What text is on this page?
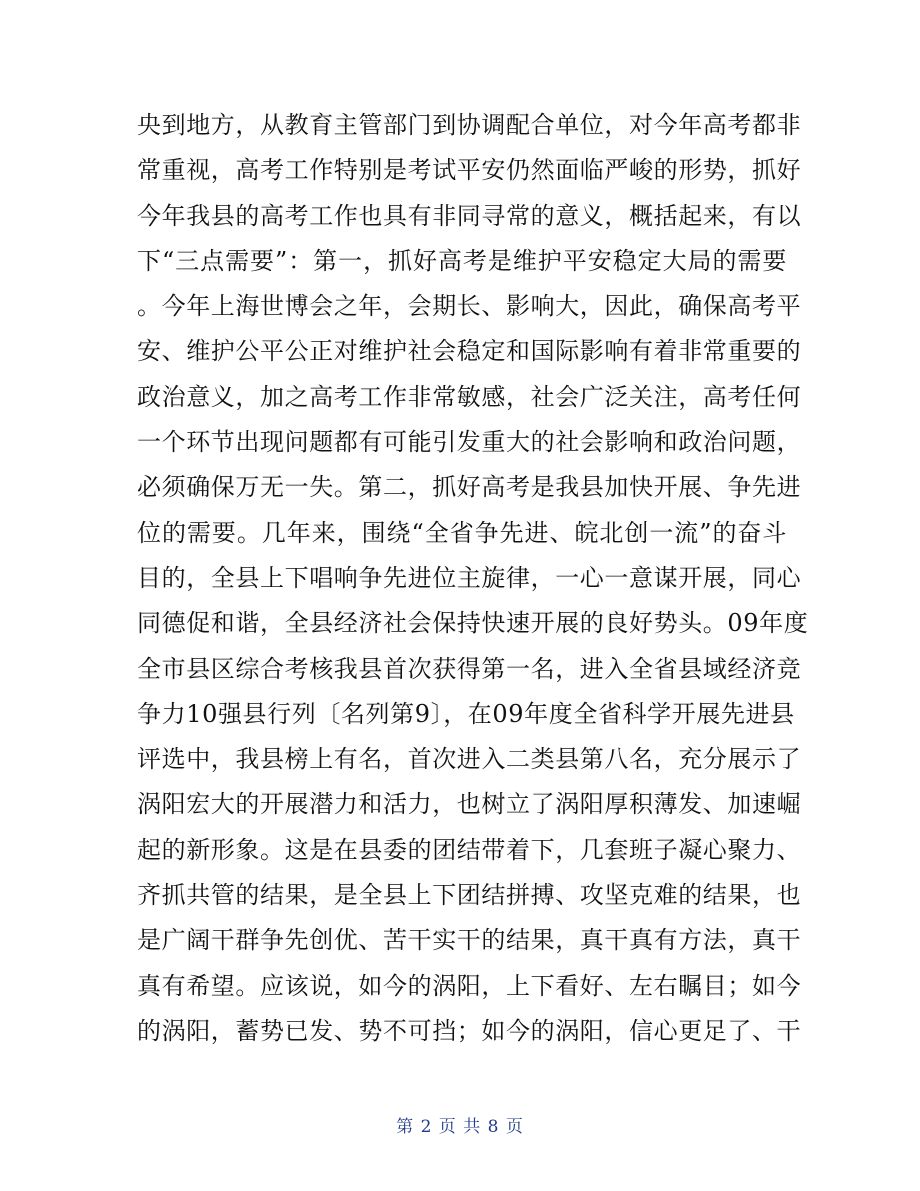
央到地方，从教育主管部门到协调配合单位，对今年高考都非
常重视，高考工作特别是考试平安仍然面临严峻的形势，抓好
今年我县的高考工作也具有非同寻常的意义，概括起来，有以
下“三点需要”：第一，抓好高考是维护平安稳定大局的需要
。今年上海世博会之年，会期长、影响大，因此，确保高考平
安、维护公平公正对维护社会稳定和国际影响有着非常重要的
政治意义，加之高考工作非常敏感，社会广泛关注，高考任何
一个环节出现问题都有可能引发重大的社会影响和政治问题，
必须确保万无一失。第二，抓好高考是我县加快开展、争先进
位的需要。几年来，围绕“全省争先进、皖北创一流”的奋斗
目的，全县上下唱响争先进位主旋律，一心一意谋开展，同心
同德促和谐，全县经济社会保持快速开展的良好势头。09年度
全市县区综合考核我县首次获得第一名，进入全省县域经济竞
争力10强县行列〔名列第9〕，在09年度全省科学开展先进县
评选中，我县榜上有名，首次进入二类县第八名，充分展示了
涡阳宏大的开展潜力和活力，也树立了涡阳厚积薄发、加速崛
起的新形象。这是在县委的团结带着下，几套班子凝心聚力、
齐抓共管的结果，是全县上下团结拼搏、攻坚克难的结果，也
是广阔干群争先创优、苦干实干的结果，真干真有方法，真干
真有希望。应该说，如今的涡阳，上下看好、左右瞩目；如今
的涡阳，蓄势已发、势不可挡；如今的涡阳，信心更足了、干
第 2 页 共 8 页
